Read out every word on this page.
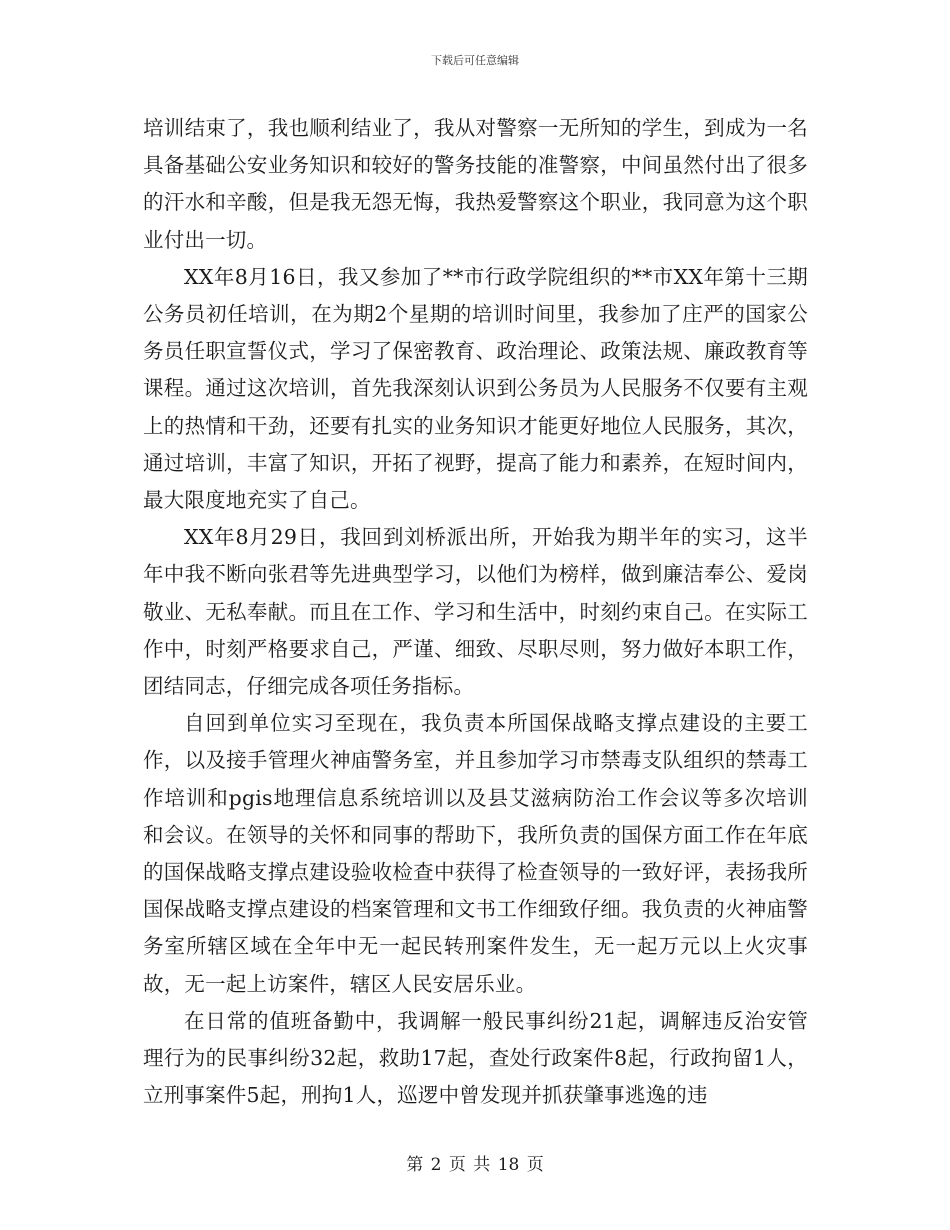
下载后可任意编辑

培训结束了，我也顺利结业了，我从对警察一无所知的学生，到成为一名具备基础公安业务知识和较好的警务技能的准警察，中间虽然付出了很多的汗水和辛酸，但是我无怨无悔，我热爱警察这个职业，我同意为这个职业付出一切。

XX年8月16日，我又参加了**市行政学院组织的**市XX年第十三期公务员初任培训，在为期2个星期的培训时间里，我参加了庄严的国家公务员任职宣誓仪式，学习了保密教育、政治理论、政策法规、廉政教育等课程。通过这次培训，首先我深刻认识到公务员为人民服务不仅要有主观上的热情和干劲，还要有扎实的业务知识才能更好地位人民服务，其次，通过培训，丰富了知识，开拓了视野，提高了能力和素养，在短时间内，最大限度地充实了自己。

XX年8月29日，我回到刘桥派出所，开始我为期半年的实习，这半年中我不断向张君等先进典型学习，以他们为榜样，做到廉洁奉公、爱岗敬业、无私奉献。而且在工作、学习和生活中，时刻约束自己。在实际工作中，时刻严格要求自己，严谨、细致、尽职尽则，努力做好本职工作，团结同志，仔细完成各项任务指标。

自回到单位实习至现在，我负责本所国保战略支撑点建设的主要工作，以及接手管理火神庙警务室，并且参加学习市禁毒支队组织的禁毒工作培训和pgis地理信息系统培训以及县艾滋病防治工作会议等多次培训和会议。在领导的关怀和同事的帮助下，我所负责的国保方面工作在年底的国保战略支撑点建设验收检查中获得了检查领导的一致好评，表扬我所国保战略支撑点建设的档案管理和文书工作细致仔细。我负责的火神庙警务室所辖区域在全年中无一起民转刑案件发生，无一起万元以上火灾事故，无一起上访案件，辖区人民安居乐业。

在日常的值班备勤中，我调解一般民事纠纷21起，调解违反治安管理行为的民事纠纷32起，救助17起，查处行政案件8起，行政拘留1人，立刑事案件5起，刑拘1人，巡逻中曾发现并抓获肇事逃逸的违

第 2 页 共 18 页
